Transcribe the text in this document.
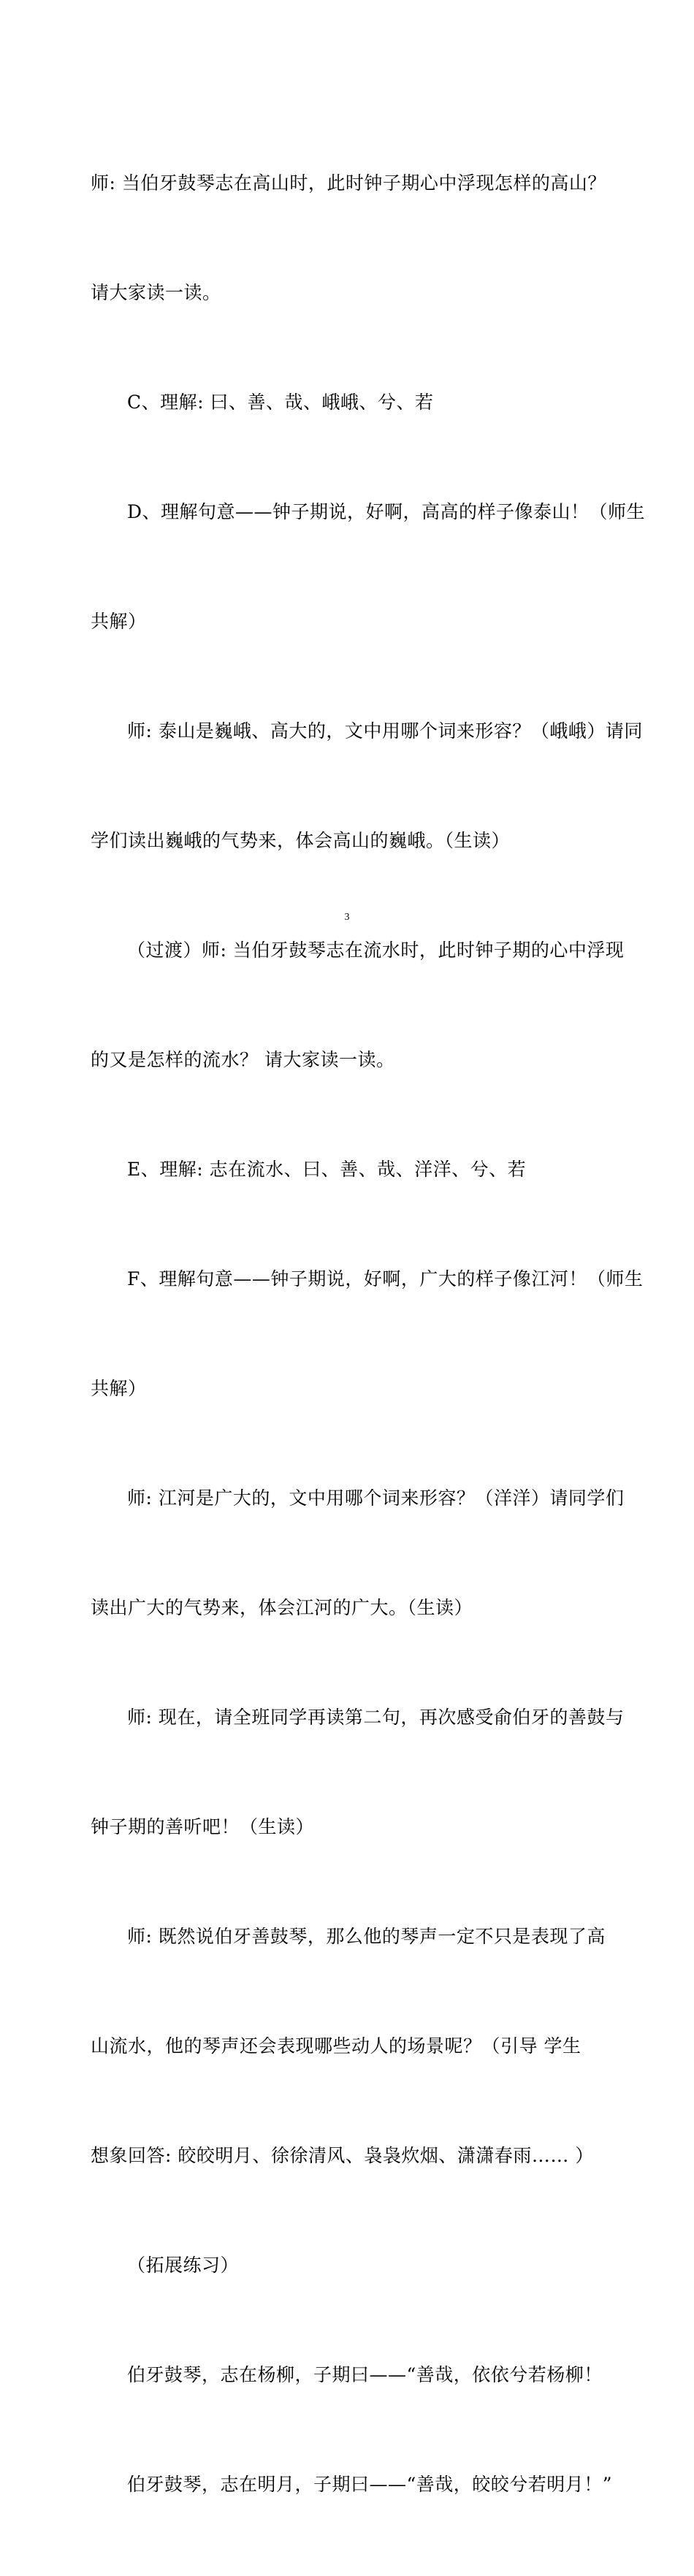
师: 当伯牙鼓琴志在高山时，此时钟子期心中浮现怎样的高山？

请大家读一读。

C、理解: 曰、善、哉、峨峨、兮、若

D、理解句意——钟子期说，好啊，高高的样子像泰山！（师生

共解）

师: 泰山是巍峨、高大的，文中用哪个词来形容？（峨峨）请同

学们读出巍峨的气势来，体会高山的巍峨。（生读）

（过渡）师: 当伯牙鼓琴志在流水时，此时钟子期的心中浮现

的又是怎样的流水？ 请大家读一读。

E、理解: 志在流水、曰、善、哉、洋洋、兮、若

F、理解句意——钟子期说，好啊，广大的样子像江河！（师生

共解）

师: 江河是广大的，文中用哪个词来形容？（洋洋）请同学们

读出广大的气势来，体会江河的广大。（生读）

师: 现在，请全班同学再读第二句，再次感受俞伯牙的善鼓与

钟子期的善听吧！（生读）

师: 既然说伯牙善鼓琴，那么他的琴声一定不只是表现了高

山流水，他的琴声还会表现哪些动人的场景呢？（引导 学生

想象回答: 皎皎明月、徐徐清风、袅袅炊烟、潇潇春雨…… ）

（拓展练习）

伯牙鼓琴，志在杨柳，子期曰——“善哉，依依兮若杨柳！

伯牙鼓琴，志在明月，子期曰——“善哉，皎皎兮若明月！”

3
